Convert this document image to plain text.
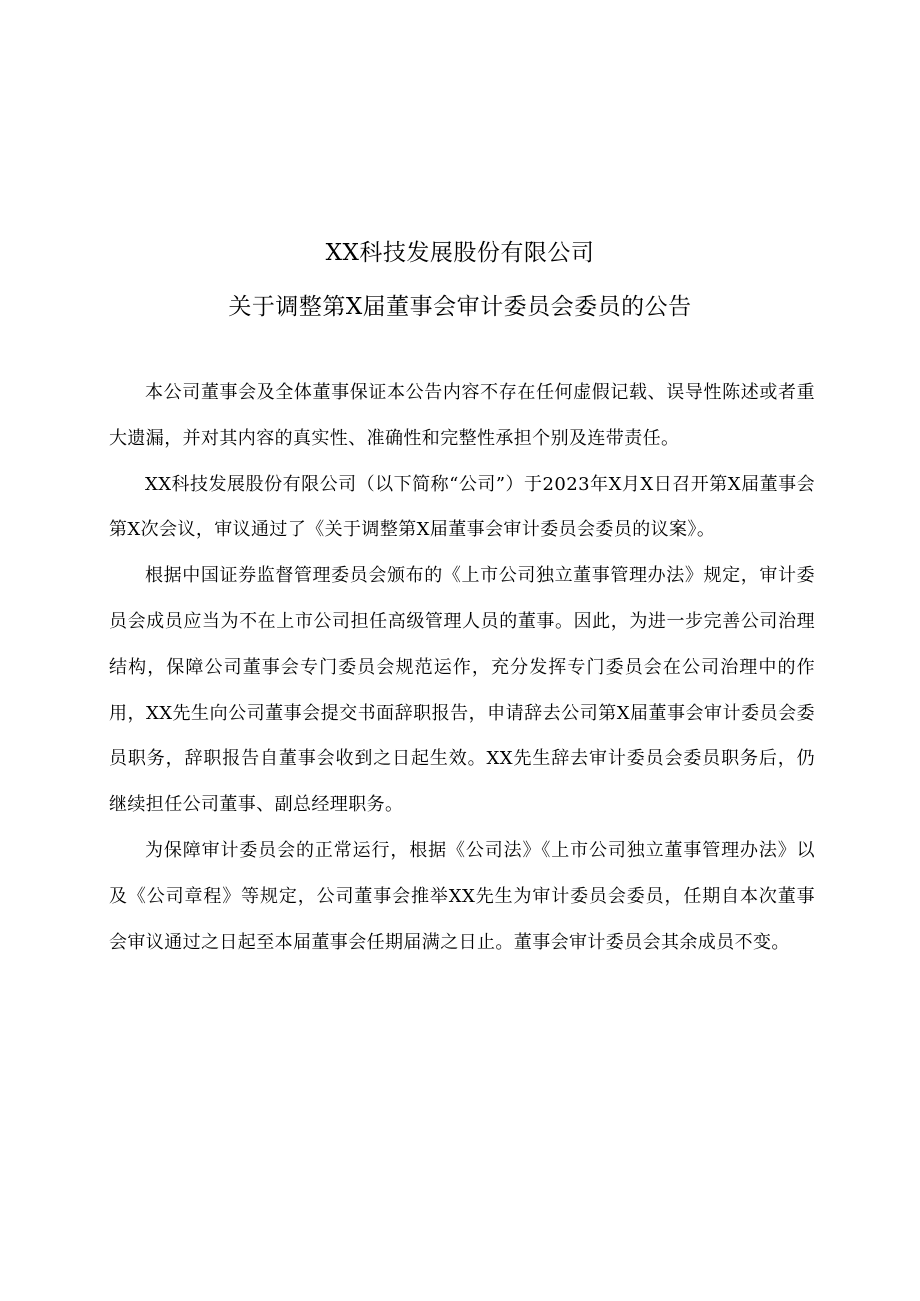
XX科技发展股份有限公司
关于调整第X届董事会审计委员会委员的公告

本公司董事会及全体董事保证本公告内容不存在任何虚假记载、误导性陈述或者重大遗漏，并对其内容的真实性、准确性和完整性承担个别及连带责任。

XX科技发展股份有限公司（以下简称“公司”）于2023年X月X日召开第X届董事会第X次会议，审议通过了《关于调整第X届董事会审计委员会委员的议案》。

根据中国证券监督管理委员会颁布的《上市公司独立董事管理办法》规定，审计委员会成员应当为不在上市公司担任高级管理人员的董事。因此，为进一步完善公司治理结构，保障公司董事会专门委员会规范运作，充分发挥专门委员会在公司治理中的作用，XX先生向公司董事会提交书面辞职报告，申请辞去公司第X届董事会审计委员会委员职务，辞职报告自董事会收到之日起生效。XX先生辞去审计委员会委员职务后，仍继续担任公司董事、副总经理职务。

为保障审计委员会的正常运行，根据《公司法》《上市公司独立董事管理办法》以及《公司章程》等规定，公司董事会推举XX先生为审计委员会委员，任期自本次董事会审议通过之日起至本届董事会任期届满之日止。董事会审计委员会其余成员不变。
